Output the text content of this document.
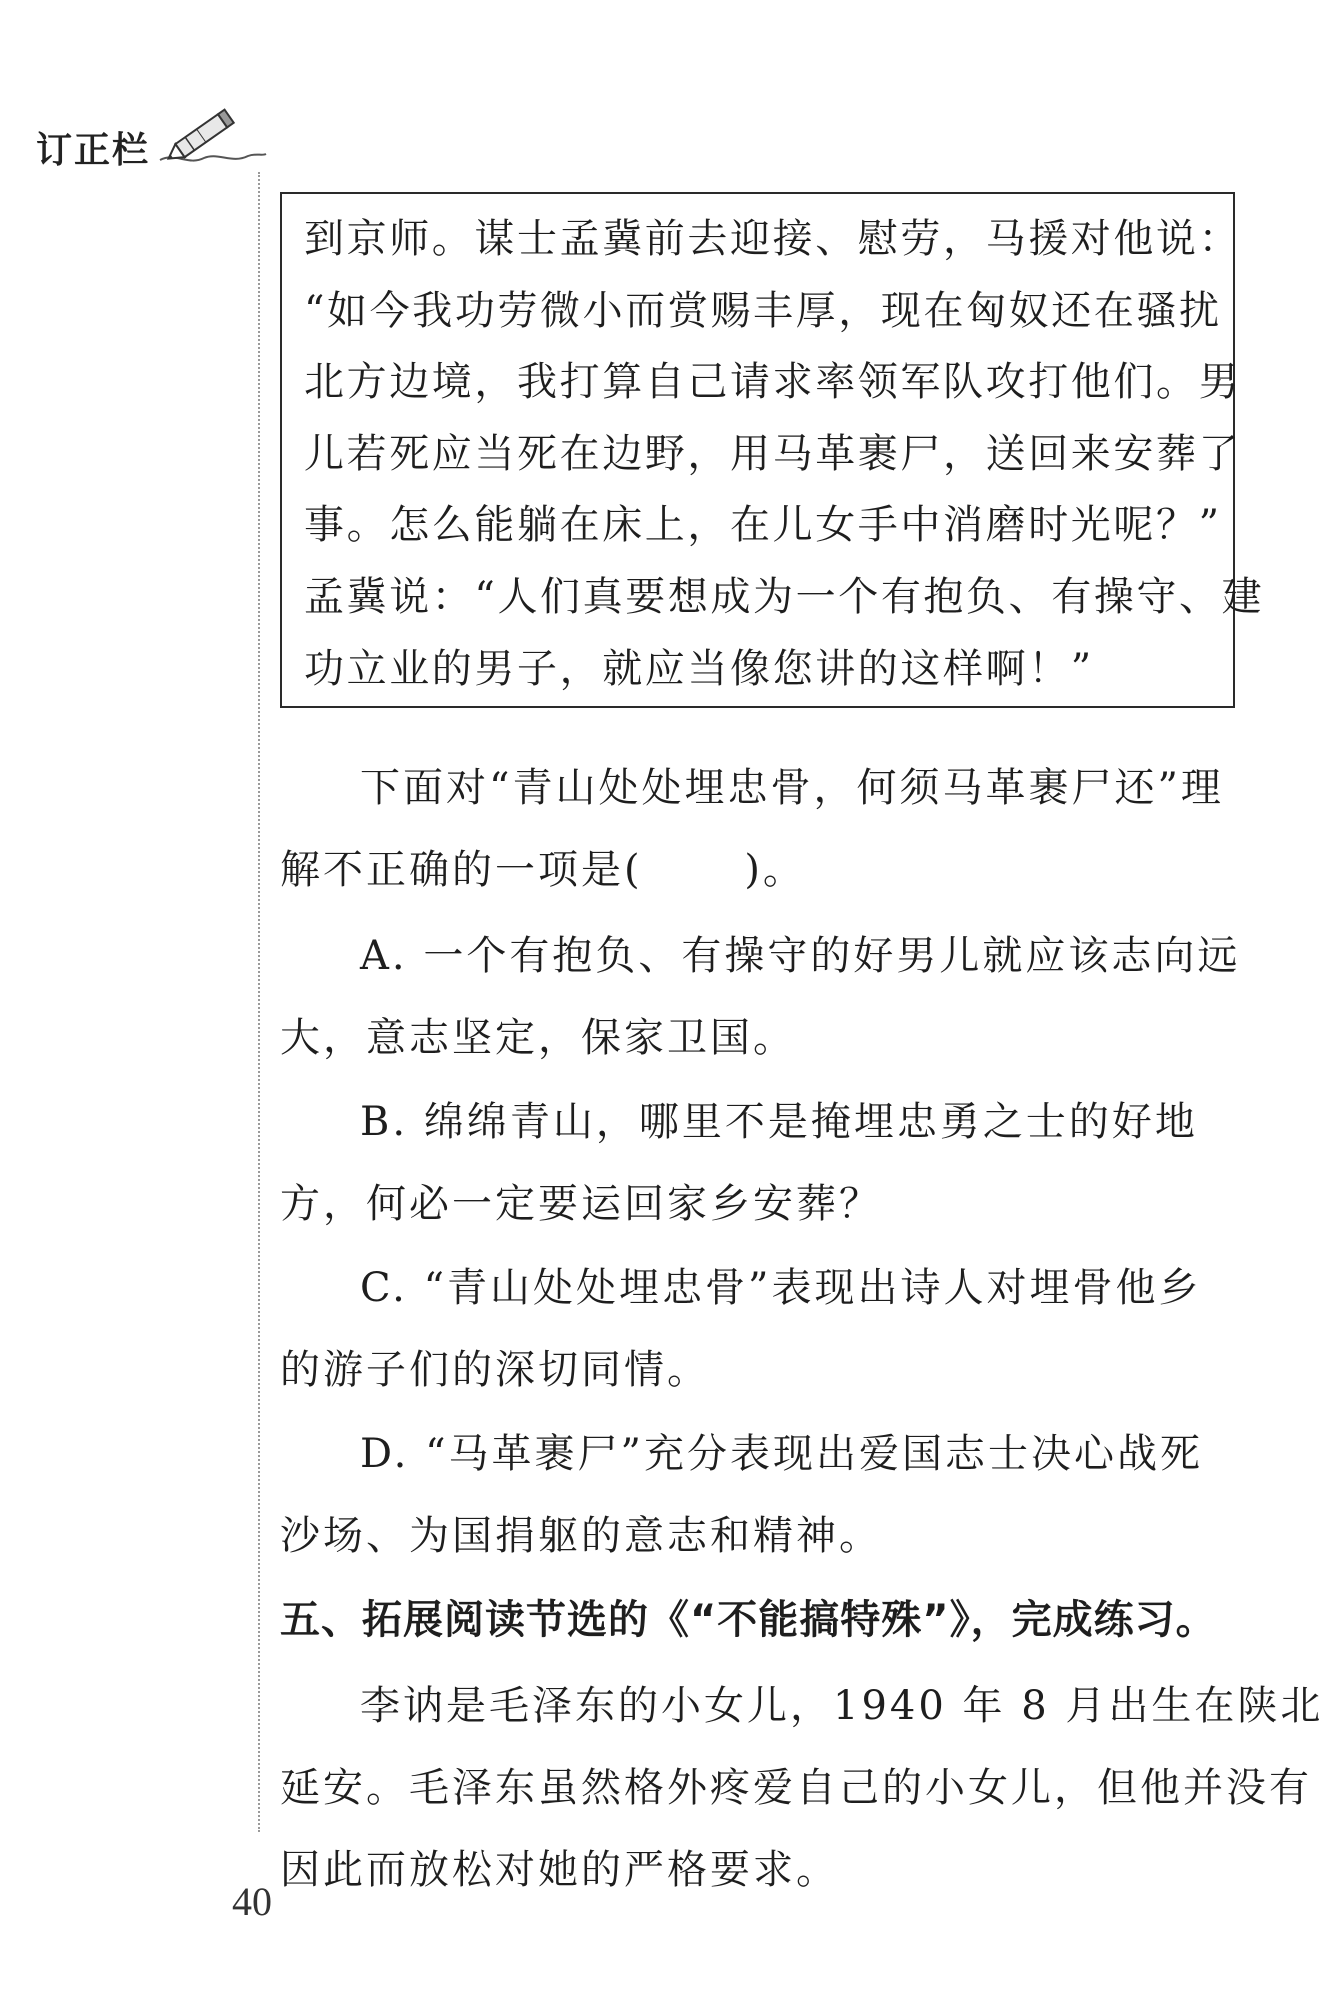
订正栏
到京师。谋士孟冀前去迎接、慰劳，马援对他说：
“如今我功劳微小而赏赐丰厚，现在匈奴还在骚扰
北方边境，我打算自己请求率领军队攻打他们。男
儿若死应当死在边野，用马革裹尸，送回来安葬了
事。怎么能躺在床上，在儿女手中消磨时光呢？”
孟冀说：“人们真要想成为一个有抱负、有操守、建
功立业的男子，就应当像您讲的这样啊！”
下面对“青山处处埋忠骨，何须马革裹尸还”理
解不正确的一项是(　　 )。
A. 一个有抱负、有操守的好男儿就应该志向远
大，意志坚定，保家卫国。
B. 绵绵青山，哪里不是掩埋忠勇之士的好地
方，何必一定要运回家乡安葬？
C. “青山处处埋忠骨”表现出诗人对埋骨他乡
的游子们的深切同情。
D. “马革裹尸”充分表现出爱国志士决心战死
沙场、为国捐躯的意志和精神。
五、拓展阅读节选的《“不能搞特殊”》，完成练习。
李讷是毛泽东的小女儿，1940 年 8 月出生在陕北
延安。毛泽东虽然格外疼爱自己的小女儿，但他并没有
因此而放松对她的严格要求。
40
